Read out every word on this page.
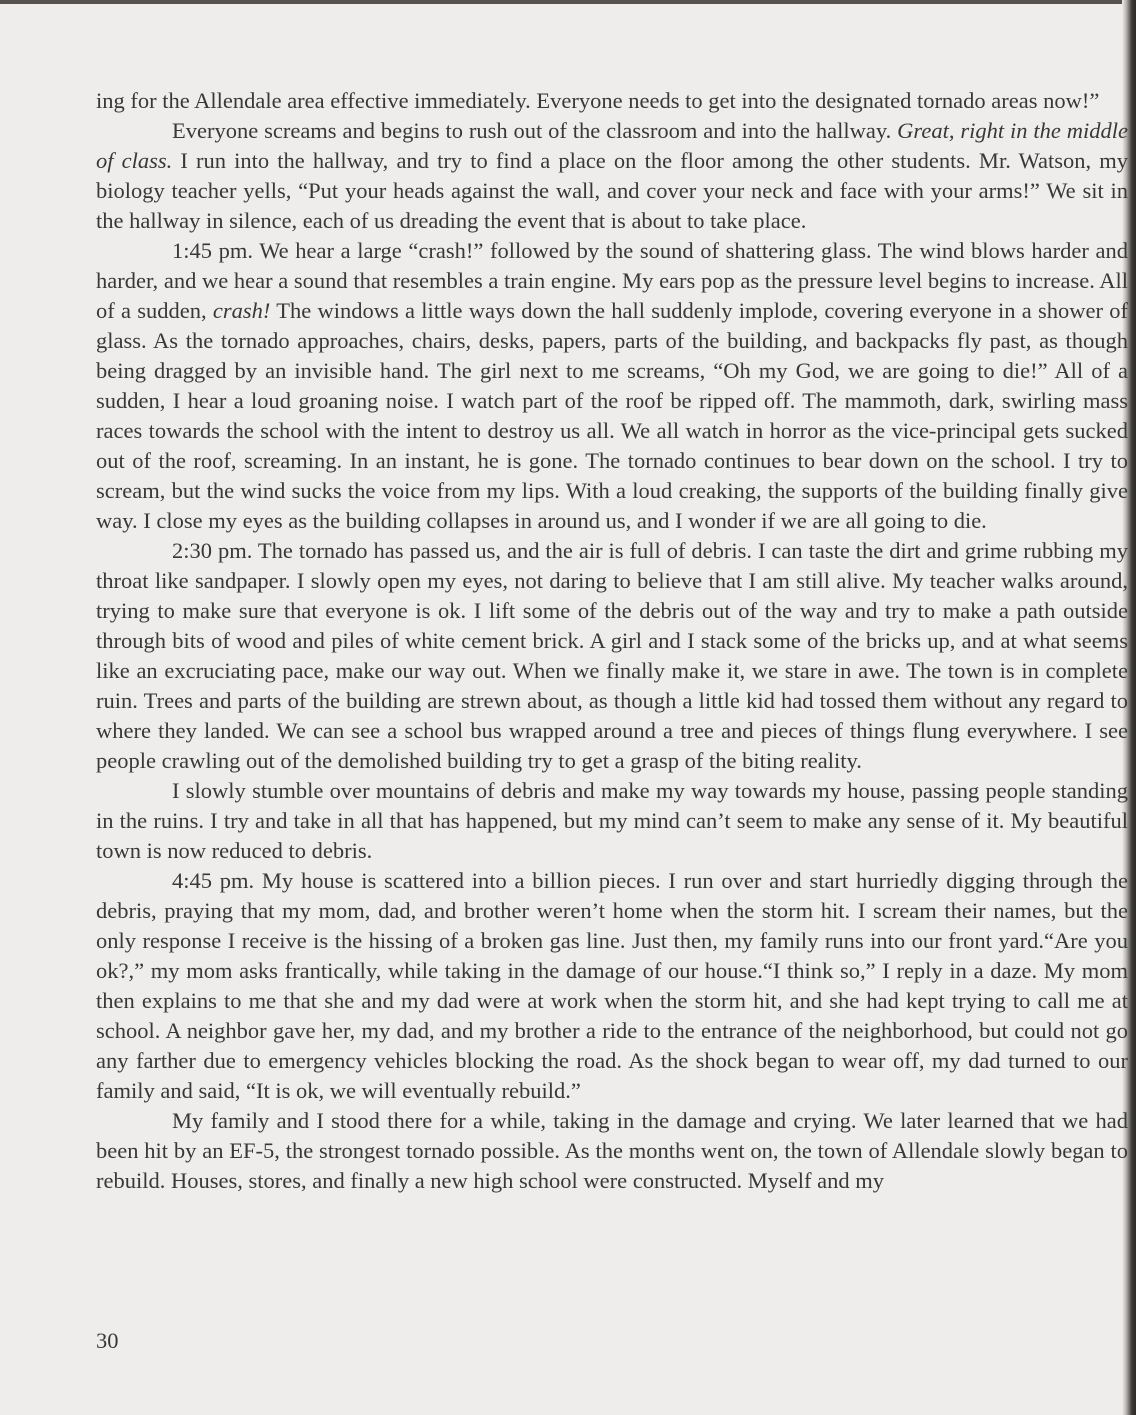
ing for the Allendale area effective immediately. Everyone needs to get into the designated tornado areas now!”

Everyone screams and begins to rush out of the classroom and into the hallway. Great, right in the middle of class. I run into the hallway, and try to find a place on the floor among the other students. Mr. Watson, my biology teacher yells, “Put your heads against the wall, and cover your neck and face with your arms!” We sit in the hallway in silence, each of us dreading the event that is about to take place.

1:45 pm. We hear a large “crash!” followed by the sound of shattering glass. The wind blows harder and harder, and we hear a sound that resembles a train engine. My ears pop as the pressure level begins to increase. All of a sudden, crash! The windows a little ways down the hall suddenly implode, covering everyone in a shower of glass. As the tornado approaches, chairs, desks, papers, parts of the building, and backpacks fly past, as though being dragged by an invisible hand. The girl next to me screams, “Oh my God, we are going to die!” All of a sudden, I hear a loud groaning noise. I watch part of the roof be ripped off. The mammoth, dark, swirling mass races towards the school with the intent to destroy us all. We all watch in horror as the vice-principal gets sucked out of the roof, screaming. In an instant, he is gone. The tornado continues to bear down on the school. I try to scream, but the wind sucks the voice from my lips. With a loud creaking, the supports of the building finally give way. I close my eyes as the building collapses in around us, and I wonder if we are all going to die.

2:30 pm. The tornado has passed us, and the air is full of debris. I can taste the dirt and grime rubbing my throat like sandpaper. I slowly open my eyes, not daring to believe that I am still alive. My teacher walks around, trying to make sure that everyone is ok. I lift some of the debris out of the way and try to make a path outside through bits of wood and piles of white cement brick. A girl and I stack some of the bricks up, and at what seems like an excruciating pace, make our way out. When we finally make it, we stare in awe. The town is in complete ruin. Trees and parts of the building are strewn about, as though a little kid had tossed them without any regard to where they landed. We can see a school bus wrapped around a tree and pieces of things flung everywhere. I see people crawling out of the demolished building try to get a grasp of the biting reality.

I slowly stumble over mountains of debris and make my way towards my house, passing people standing in the ruins. I try and take in all that has happened, but my mind can’t seem to make any sense of it. My beautiful town is now reduced to debris.

4:45 pm. My house is scattered into a billion pieces. I run over and start hurriedly digging through the debris, praying that my mom, dad, and brother weren’t home when the storm hit. I scream their names, but the only response I receive is the hissing of a broken gas line. Just then, my family runs into our front yard.“Are you ok?,” my mom asks frantically, while taking in the damage of our house.“I think so,” I reply in a daze. My mom then explains to me that she and my dad were at work when the storm hit, and she had kept trying to call me at school. A neighbor gave her, my dad, and my brother a ride to the entrance of the neighborhood, but could not go any farther due to emergency vehicles blocking the road. As the shock began to wear off, my dad turned to our family and said, “It is ok, we will eventually rebuild.”

My family and I stood there for a while, taking in the damage and crying. We later learned that we had been hit by an EF-5, the strongest tornado possible. As the months went on, the town of Allendale slowly began to rebuild. Houses, stores, and finally a new high school were constructed. Myself and my

30
